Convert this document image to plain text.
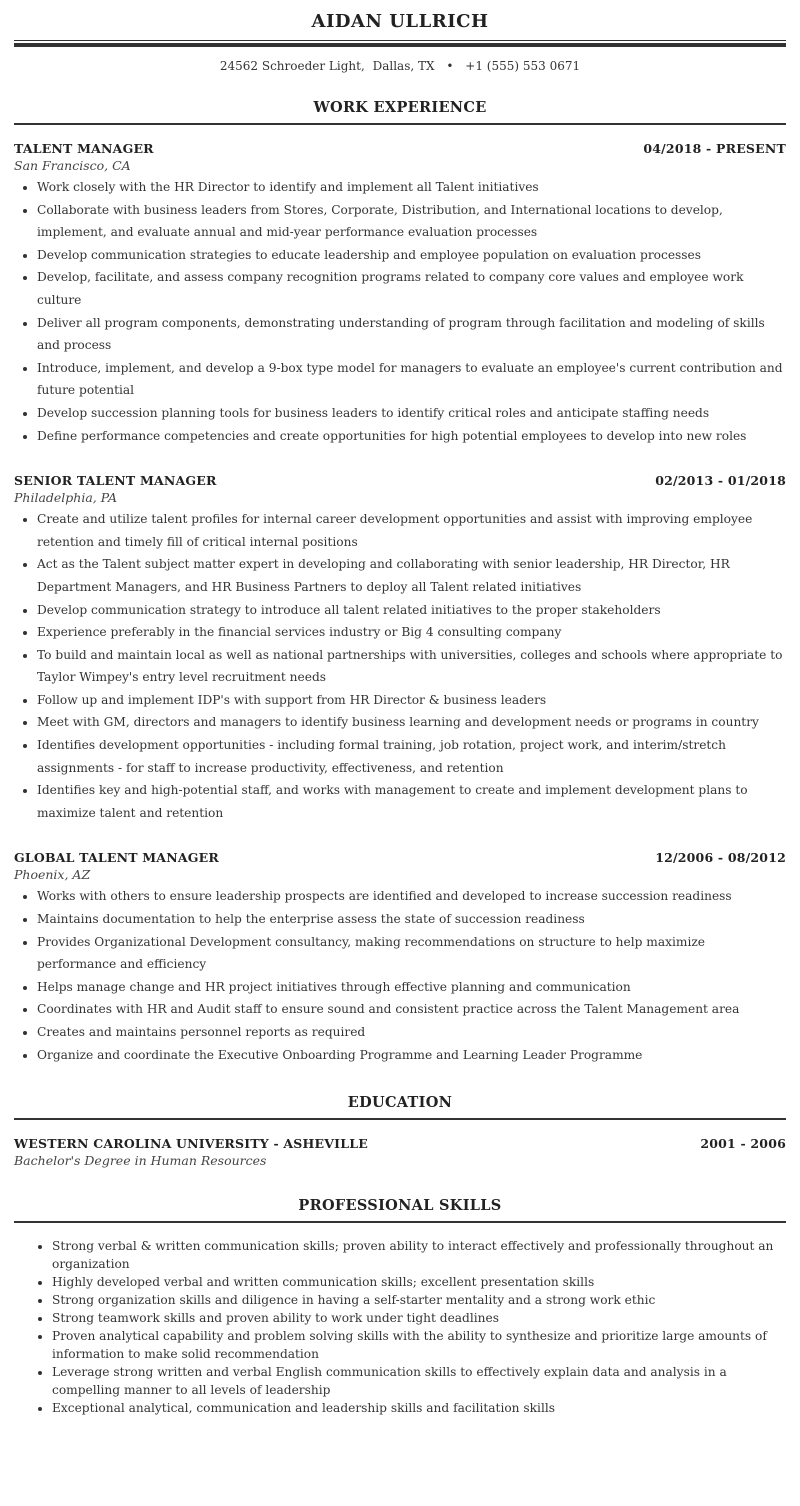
AIDAN ULLRICH
24562 Schroeder Light, Dallas, TX • +1 (555) 553 0671
WORK EXPERIENCE
TALENT MANAGER	04/2018 - PRESENT
San Francisco, CA
• Work closely with the HR Director to identify and implement all Talent initiatives
• Collaborate with business leaders from Stores, Corporate, Distribution, and International locations to develop, implement, and evaluate annual and mid-year performance evaluation processes
• Develop communication strategies to educate leadership and employee population on evaluation processes
• Develop, facilitate, and assess company recognition programs related to company core values and employee work culture
• Deliver all program components, demonstrating understanding of program through facilitation and modeling of skills and process
• Introduce, implement, and develop a 9-box type model for managers to evaluate an employee's current contribution and future potential
• Develop succession planning tools for business leaders to identify critical roles and anticipate staffing needs
• Define performance competencies and create opportunities for high potential employees to develop into new roles
SENIOR TALENT MANAGER	02/2013 - 01/2018
Philadelphia, PA
• Create and utilize talent profiles for internal career development opportunities and assist with improving employee retention and timely fill of critical internal positions
• Act as the Talent subject matter expert in developing and collaborating with senior leadership, HR Director, HR Department Managers, and HR Business Partners to deploy all Talent related initiatives
• Develop communication strategy to introduce all talent related initiatives to the proper stakeholders
• Experience preferably in the financial services industry or Big 4 consulting company
• To build and maintain local as well as national partnerships with universities, colleges and schools where appropriate to Taylor Wimpey's entry level recruitment needs
• Follow up and implement IDP's with support from HR Director & business leaders
• Meet with GM, directors and managers to identify business learning and development needs or programs in country
• Identifies development opportunities - including formal training, job rotation, project work, and interim/stretch assignments - for staff to increase productivity, effectiveness, and retention
• Identifies key and high-potential staff, and works with management to create and implement development plans to maximize talent and retention
GLOBAL TALENT MANAGER	12/2006 - 08/2012
Phoenix, AZ
• Works with others to ensure leadership prospects are identified and developed to increase succession readiness
• Maintains documentation to help the enterprise assess the state of succession readiness
• Provides Organizational Development consultancy, making recommendations on structure to help maximize performance and efficiency
• Helps manage change and HR project initiatives through effective planning and communication
• Coordinates with HR and Audit staff to ensure sound and consistent practice across the Talent Management area
• Creates and maintains personnel reports as required
• Organize and coordinate the Executive Onboarding Programme and Learning Leader Programme
EDUCATION
WESTERN CAROLINA UNIVERSITY - ASHEVILLE	2001 - 2006
Bachelor's Degree in Human Resources
PROFESSIONAL SKILLS
• Strong verbal & written communication skills; proven ability to interact effectively and professionally throughout an organization
• Highly developed verbal and written communication skills; excellent presentation skills
• Strong organization skills and diligence in having a self-starter mentality and a strong work ethic
• Strong teamwork skills and proven ability to work under tight deadlines
• Proven analytical capability and problem solving skills with the ability to synthesize and prioritize large amounts of information to make solid recommendation
• Leverage strong written and verbal English communication skills to effectively explain data and analysis in a compelling manner to all levels of leadership
• Exceptional analytical, communication and leadership skills and facilitation skills
